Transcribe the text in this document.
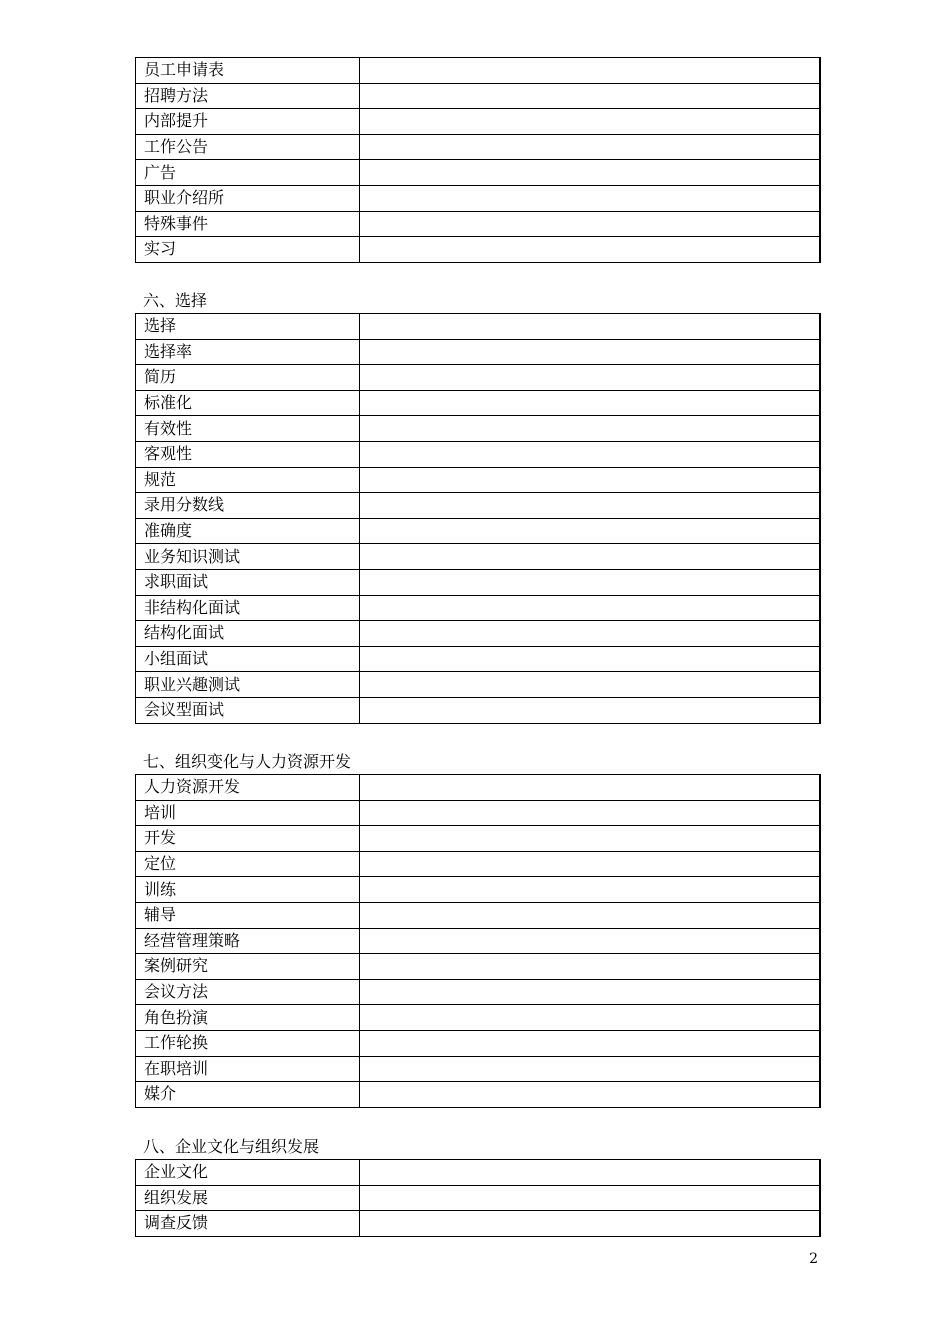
员工申请表	
招聘方法	
内部提升	
工作公告	
广告	
职业介绍所	
特殊事件	
实习	
六、选择
选择	
选择率	
简历	
标准化	
有效性	
客观性	
规范	
录用分数线	
准确度	
业务知识测试	
求职面试	
非结构化面试	
结构化面试	
小组面试	
职业兴趣测试	
会议型面试	
七、组织变化与人力资源开发
人力资源开发	
培训	
开发	
定位	
训练	
辅导	
经营管理策略	
案例研究	
会议方法	
角色扮演	
工作轮换	
在职培训	
媒介	
八、企业文化与组织发展
企业文化	
组织发展	
调查反馈	
2
